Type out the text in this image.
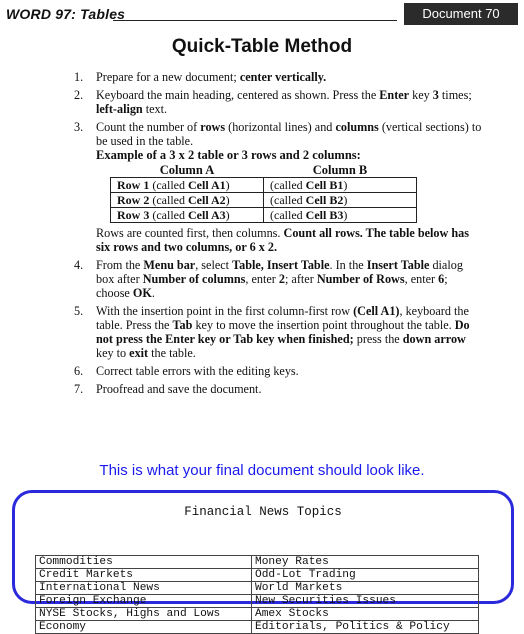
WORD 97: Tables	Document 70
Quick-Table Method
1. Prepare for a new document; center vertically.
2. Keyboard the main heading, centered as shown. Press the Enter key 3 times; left-align text.
3. Count the number of rows (horizontal lines) and columns (vertical sections) to be used in the table.
Example of a 3 x 2 table or 3 rows and 2 columns:
Column A	Column B
Row 1 (called Cell A1)	(called Cell B1)
Row 2 (called Cell A2)	(called Cell B2)
Row 3 (called Cell A3)	(called Cell B3)
Rows are counted first, then columns. Count all rows. The table below has six rows and two columns, or 6 x 2.
4. From the Menu bar, select Table, Insert Table. In the Insert Table dialog box after Number of columns, enter 2; after Number of Rows, enter 6; choose OK.
5. With the insertion point in the first column-first row (Cell A1), keyboard the table. Press the Tab key to move the insertion point throughout the table. Do not press the Enter key or Tab key when finished; press the down arrow key to exit the table.
6. Correct table errors with the editing keys.
7. Proofread and save the document.
This is what your final document should look like.
Financial News Topics
Commodities	Money Rates
Credit Markets	Odd-Lot Trading
International News	World Markets
Foreign Exchange	New Securities Issues
NYSE Stocks, Highs and Lows	Amex Stocks
Economy	Editorials, Politics & Policy
